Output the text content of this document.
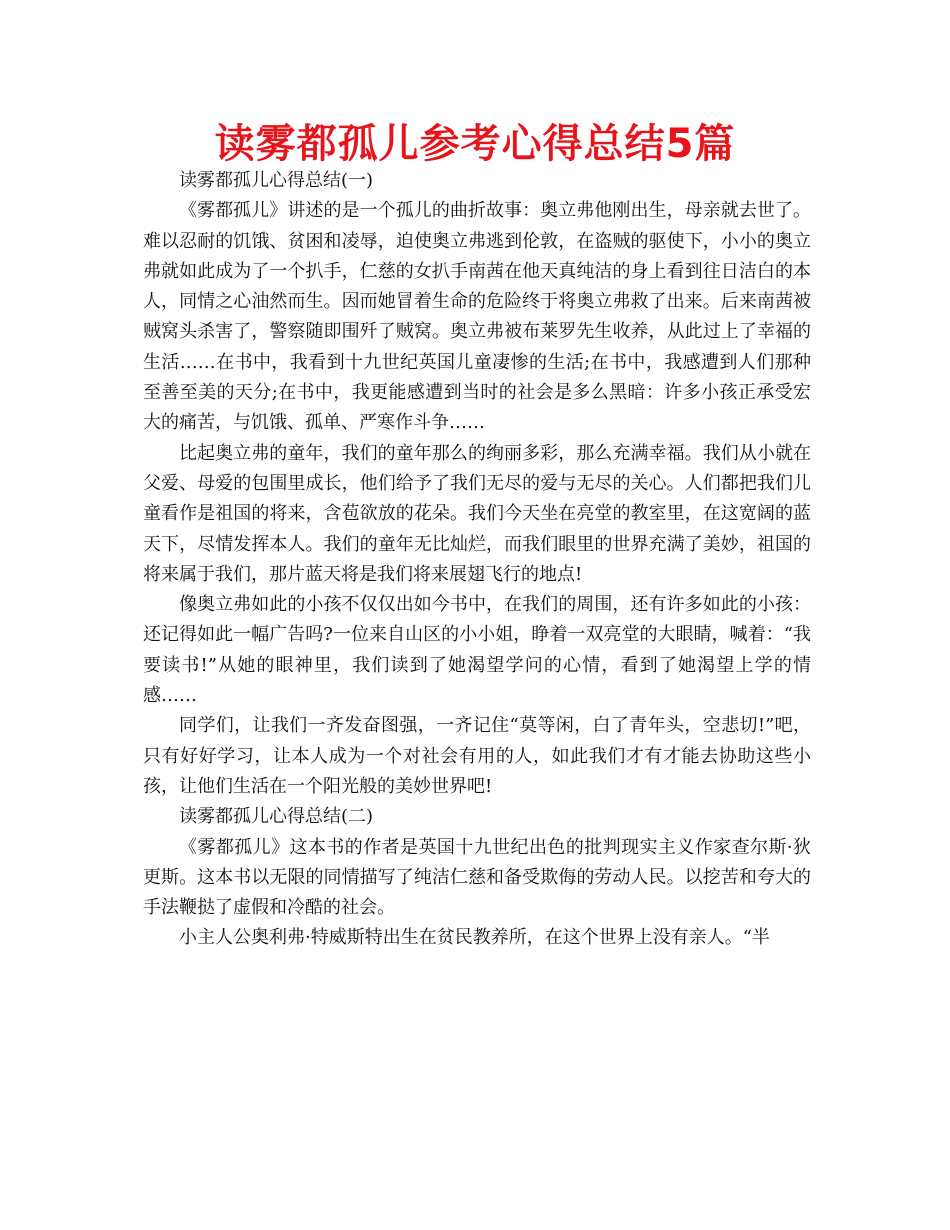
读雾都孤儿参考心得总结5篇

读雾都孤儿心得总结(一)

《雾都孤儿》讲述的是一个孤儿的曲折故事：奥立弗他刚出生，母亲就去世了。难以忍耐的饥饿、贫困和凌辱，迫使奥立弗逃到伦敦，在盗贼的驱使下，小小的奥立弗就如此成为了一个扒手，仁慈的女扒手南茜在他天真纯洁的身上看到往日洁白的本人，同情之心油然而生。因而她冒着生命的危险终于将奥立弗救了出来。后来南茜被贼窝头杀害了，警察随即围歼了贼窝。奥立弗被布莱罗先生收养，从此过上了幸福的生活……在书中，我看到十九世纪英国儿童凄惨的生活;在书中，我感遭到人们那种至善至美的天分;在书中，我更能感遭到当时的社会是多么黑暗：许多小孩正承受宏大的痛苦，与饥饿、孤单、严寒作斗争……

比起奥立弗的童年，我们的童年那么的绚丽多彩，那么充满幸福。我们从小就在父爱、母爱的包围里成长，他们给予了我们无尽的爱与无尽的关心。人们都把我们儿童看作是祖国的将来，含苞欲放的花朵。我们今天坐在亮堂的教室里，在这宽阔的蓝天下，尽情发挥本人。我们的童年无比灿烂，而我们眼里的世界充满了美妙，祖国的将来属于我们，那片蓝天将是我们将来展翅飞行的地点!

像奥立弗如此的小孩不仅仅出如今书中，在我们的周围，还有许多如此的小孩：还记得如此一幅广告吗?一位来自山区的小小姐，睁着一双亮堂的大眼睛，喊着：“我要读书!”从她的眼神里，我们读到了她渴望学问的心情，看到了她渴望上学的情感……

同学们，让我们一齐发奋图强，一齐记住“莫等闲，白了青年头，空悲切!”吧，只有好好学习，让本人成为一个对社会有用的人，如此我们才有才能去协助这些小孩，让他们生活在一个阳光般的美妙世界吧!

读雾都孤儿心得总结(二)

《雾都孤儿》这本书的作者是英国十九世纪出色的批判现实主义作家查尔斯·狄更斯。这本书以无限的同情描写了纯洁仁慈和备受欺侮的劳动人民。以挖苦和夸大的手法鞭挞了虚假和冷酷的社会。

小主人公奥利弗·特威斯特出生在贫民教养所，在这个世界上没有亲人。“半
